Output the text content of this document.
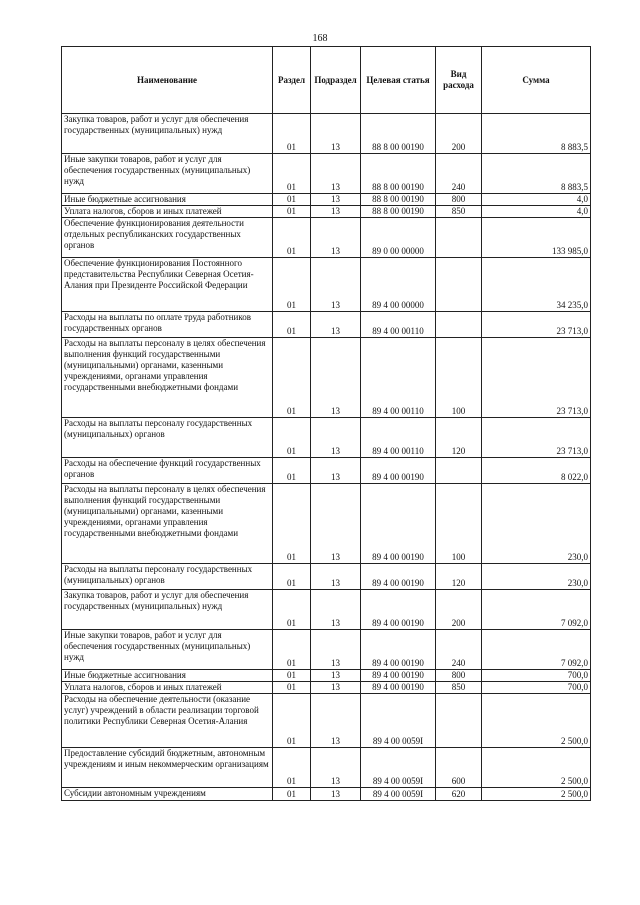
168
Наименование	Раздел	Подраздел	Целевая статья	Вид расхода	Сумма
Закупка товаров, работ и услуг для обеспечения государственных (муниципальных) нужд	01	13	88 8 00 00190	200	8 883,5
Иные закупки товаров, работ и услуг для обеспечения государственных (муниципальных) нужд	01	13	88 8 00 00190	240	8 883,5
Иные бюджетные ассигнования	01	13	88 8 00 00190	800	4,0
Уплата налогов, сборов и иных платежей	01	13	88 8 00 00190	850	4,0
Обеспечение функционирования деятельности отдельных республиканских государственных органов	01	13	89 0 00 00000		133 985,0
Обеспечение функционирования Постоянного представительства Республики Северная Осетия-Алания при Президенте Российской Федерации	01	13	89 4 00 00000		34 235,0
Расходы на выплаты по оплате труда работников государственных органов	01	13	89 4 00 00110		23 713,0
Расходы на выплаты персоналу в целях обеспечения выполнения функций государственными (муниципальными) органами, казенными учреждениями, органами управления государственными внебюджетными фондами	01	13	89 4 00 00110	100	23 713,0
Расходы на выплаты персоналу государственных (муниципальных) органов	01	13	89 4 00 00110	120	23 713,0
Расходы на обеспечение функций государственных органов	01	13	89 4 00 00190		8 022,0
Расходы на выплаты персоналу в целях обеспечения выполнения функций государственными (муниципальными) органами, казенными учреждениями, органами управления государственными внебюджетными фондами	01	13	89 4 00 00190	100	230,0
Расходы на выплаты персоналу государственных (муниципальных) органов	01	13	89 4 00 00190	120	230,0
Закупка товаров, работ и услуг для обеспечения государственных (муниципальных) нужд	01	13	89 4 00 00190	200	7 092,0
Иные закупки товаров, работ и услуг для обеспечения государственных (муниципальных) нужд	01	13	89 4 00 00190	240	7 092,0
Иные бюджетные ассигнования	01	13	89 4 00 00190	800	700,0
Уплата налогов, сборов и иных платежей	01	13	89 4 00 00190	850	700,0
Расходы на обеспечение деятельности (оказание услуг) учреждений в области реализации торговой политики Республики Северная Осетия-Алания	01	13	89 4 00 0059I		2 500,0
Предоставление субсидий бюджетным, автономным учреждениям и иным некоммерческим организациям	01	13	89 4 00 0059I	600	2 500,0
Субсидии автономным учреждениям	01	13	89 4 00 0059I	620	2 500,0
